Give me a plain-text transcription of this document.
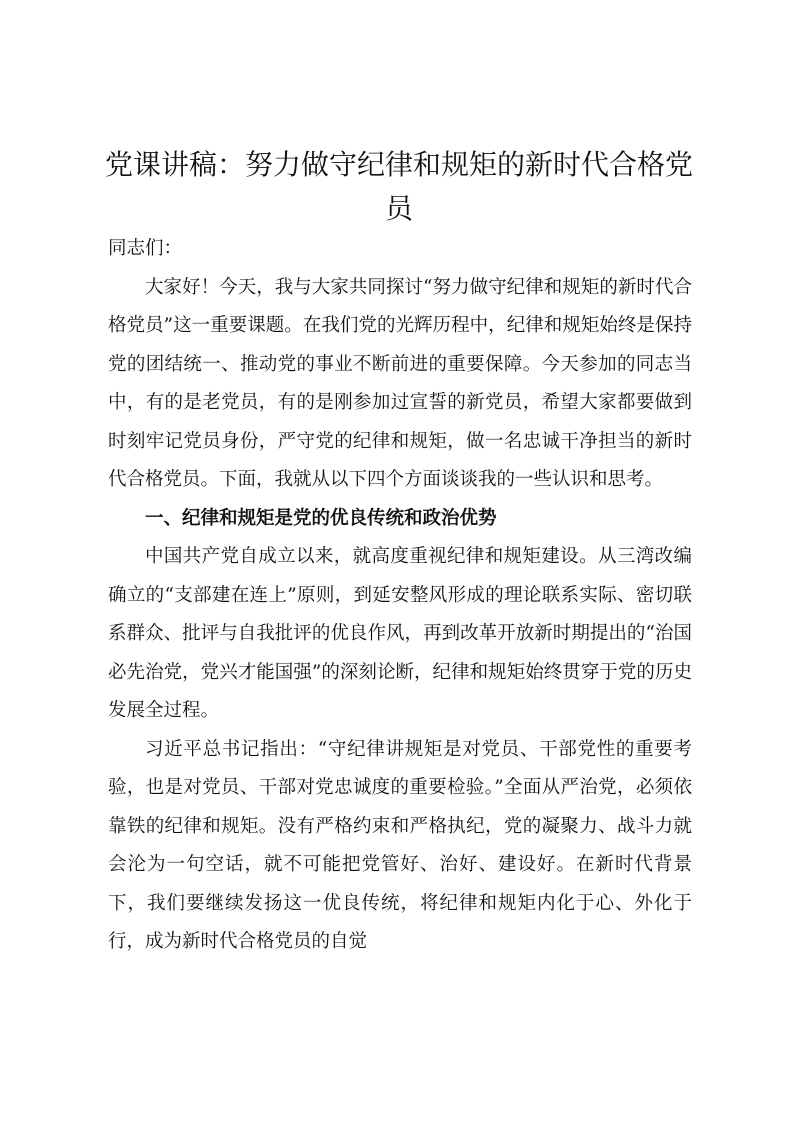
党课讲稿：努力做守纪律和规矩的新时代合格党员

同志们：

大家好！今天，我与大家共同探讨“努力做守纪律和规矩的新时代合格党员”这一重要课题。在我们党的光辉历程中，纪律和规矩始终是保持党的团结统一、推动党的事业不断前进的重要保障。今天参加的同志当中，有的是老党员，有的是刚参加过宣誓的新党员，希望大家都要做到时刻牢记党员身份，严守党的纪律和规矩，做一名忠诚干净担当的新时代合格党员。下面，我就从以下四个方面谈谈我的一些认识和思考。

一、纪律和规矩是党的优良传统和政治优势

中国共产党自成立以来，就高度重视纪律和规矩建设。从三湾改编确立的“支部建在连上”原则，到延安整风形成的理论联系实际、密切联系群众、批评与自我批评的优良作风，再到改革开放新时期提出的“治国必先治党，党兴才能国强”的深刻论断，纪律和规矩始终贯穿于党的历史发展全过程。

习近平总书记指出：“守纪律讲规矩是对党员、干部党性的重要考验，也是对党员、干部对党忠诚度的重要检验。”全面从严治党，必须依靠铁的纪律和规矩。没有严格约束和严格执纪，党的凝聚力、战斗力就会沦为一句空话，就不可能把党管好、治好、建设好。在新时代背景下，我们要继续发扬这一优良传统，将纪律和规矩内化于心、外化于行，成为新时代合格党员的自觉
